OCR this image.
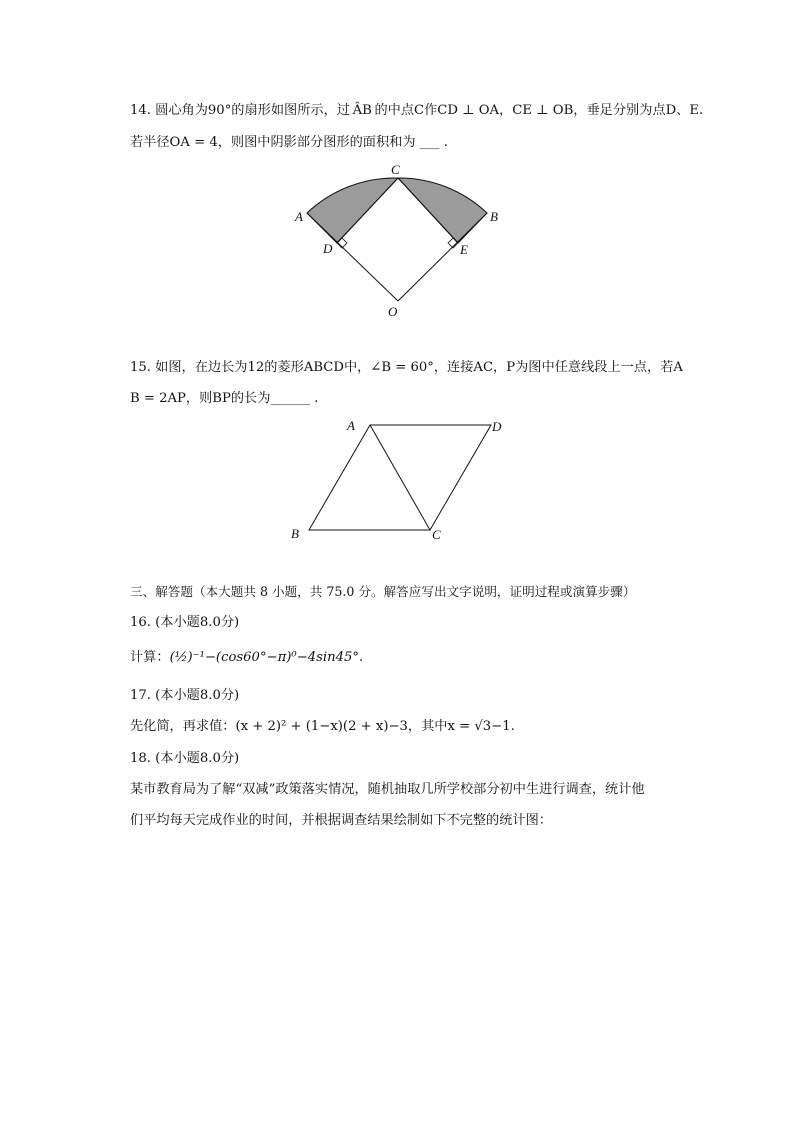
14. 圆心角为90°的扇形如图所示，过 ÂB 的中点C作CD ⊥ OA，CE ⊥ OB，垂足分别为点D、E.
若半径OA = 4，则图中阴影部分图形的面积和为 ___ .
C
A	B
D	E
O
15. 如图，在边长为12的菱形ABCD中，∠B = 60°，连接AC，P为图中任意线段上一点，若A
B = 2AP，则BP的长为______ .
A	D
B	C
三、解答题（本大题共 8 小题，共 75.0 分。解答应写出文字说明，证明过程或演算步骤）
16. (本小题8.0分)
计算：(½)⁻¹−(cos60°−π)⁰−4sin45°.
17. (本小题8.0分)
先化简，再求值：(x + 2)² + (1−x)(2 + x)−3，其中x = √3−1.
18. (本小题8.0分)
某市教育局为了解“双减”政策落实情况，随机抽取几所学校部分初中生进行调查，统计他
们平均每天完成作业的时间，并根据调查结果绘制如下不完整的统计图：
